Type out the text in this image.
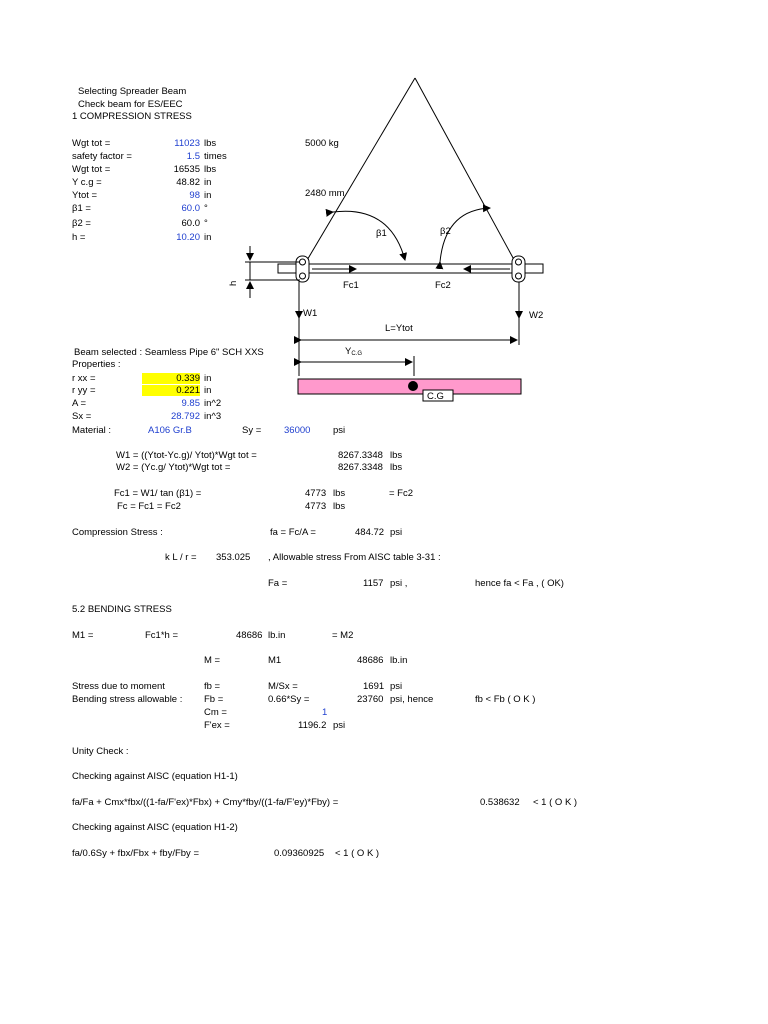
Selecting Spreader Beam
Check beam for ES/EEC
1 COMPRESSION STRESS
Wgt tot =	11023 lbs
safety factor =	1.5 times
Wgt tot =	16535 lbs
Y c.g =	48.82 in
Ytot =	98 in
β1 =	60.0 °
β2 =	60.0 °
h =	10.20 in
5000 kg
2480 mm
β1	β2
Fc1	Fc2
h
W1	W2
L=Ytot
YC.G
C.G
Beam selected : Seamless Pipe 6" SCH XXS
Properties :
r xx =	0.339 in
r yy =	0.221 in
A =	9.85 in^2
Sx =	28.792 in^3
Material :	A106 Gr.B	Sy = 36000 psi
W1 = ((Ytot-Yc.g)/ Ytot)*Wgt tot =	8267.3348 lbs
W2 = (Yc.g/ Ytot)*Wgt tot =	8267.3348 lbs
Fc1 = W1/ tan (β1) =	4773 lbs	= Fc2
Fc = Fc1 = Fc2	4773 lbs
Compression Stress :	fa = Fc/A =	484.72 psi
k L / r = 353.025 , Allowable stress From AISC table 3-31 :
Fa =	1157 psi ,	hence fa < Fa , ( OK)
5.2 BENDING STRESS
M1 =	Fc1*h =	48686 lb.in	= M2
M =	M1	48686 lb.in
Stress due to moment	fb =	M/Sx =	1691 psi
Bending stress allowable : Fb =	0.66*Sy =	23760 psi, hence	fb < Fb ( O K )
Cm =	1
F'ex =	1196.2 psi
Unity Check :
Checking against AISC (equation H1-1)
fa/Fa + Cmx*fbx/((1-fa/F'ex)*Fbx) + Cmy*fby/((1-fa/F'ey)*Fby) =	0.538632 < 1 ( O K )
Checking against AISC (equation H1-2)
fa/0.6Sy + fbx/Fbx + fby/Fby =	0.09360925 < 1 ( O K )
